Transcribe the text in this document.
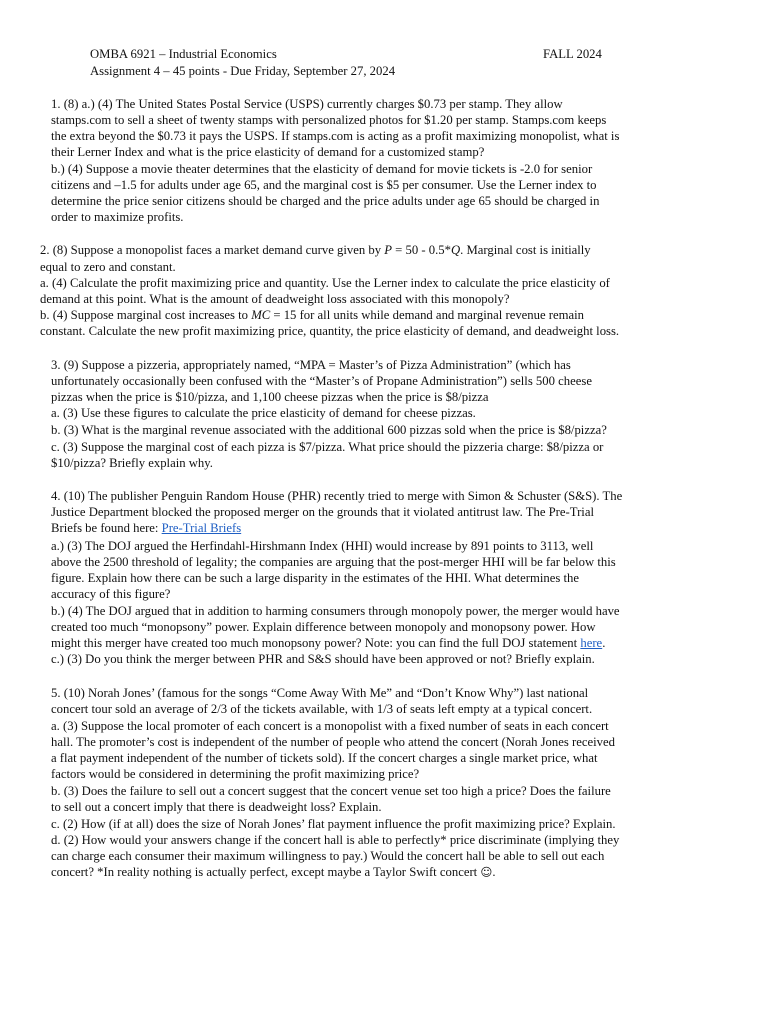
OMBA 6921 – Industrial Economics	FALL 2024
Assignment 4 – 45 points - Due Friday, September 27, 2024
1. (8) a.) (4) The United States Postal Service (USPS) currently charges $0.73 per stamp. They allow
stamps.com to sell a sheet of twenty stamps with personalized photos for $1.20 per stamp. Stamps.com keeps
the extra beyond the $0.73 it pays the USPS. If stamps.com is acting as a profit maximizing monopolist, what is
their Lerner Index and what is the price elasticity of demand for a customized stamp?
b.) (4) Suppose a movie theater determines that the elasticity of demand for movie tickets is -2.0 for senior
citizens and –1.5 for adults under age 65, and the marginal cost is $5 per consumer. Use the Lerner index to
determine the price senior citizens should be charged and the price adults under age 65 should be charged in
order to maximize profits.
2. (8) Suppose a monopolist faces a market demand curve given by P = 50 - 0.5*Q. Marginal cost is initially
equal to zero and constant.
a. (4) Calculate the profit maximizing price and quantity. Use the Lerner index to calculate the price elasticity of
demand at this point. What is the amount of deadweight loss associated with this monopoly?
b. (4) Suppose marginal cost increases to MC = 15 for all units while demand and marginal revenue remain
constant. Calculate the new profit maximizing price, quantity, the price elasticity of demand, and deadweight loss.
3. (9) Suppose a pizzeria, appropriately named, “MPA = Master’s of Pizza Administration” (which has
unfortunately occasionally been confused with the “Master’s of Propane Administration”) sells 500 cheese
pizzas when the price is $10/pizza, and 1,100 cheese pizzas when the price is $8/pizza
a. (3) Use these figures to calculate the price elasticity of demand for cheese pizzas.
b. (3) What is the marginal revenue associated with the additional 600 pizzas sold when the price is $8/pizza?
c. (3) Suppose the marginal cost of each pizza is $7/pizza. What price should the pizzeria charge: $8/pizza or
$10/pizza? Briefly explain why.
4. (10) The publisher Penguin Random House (PHR) recently tried to merge with Simon & Schuster (S&S). The
Justice Department blocked the proposed merger on the grounds that it violated antitrust law. The Pre-Trial
Briefs be found here: Pre-Trial Briefs
a.) (3) The DOJ argued the Herfindahl-Hirshmann Index (HHI) would increase by 891 points to 3113, well
above the 2500 threshold of legality; the companies are arguing that the post-merger HHI will be far below this
figure. Explain how there can be such a large disparity in the estimates of the HHI. What determines the
accuracy of this figure?
b.) (4) The DOJ argued that in addition to harming consumers through monopoly power, the merger would have
created too much “monopsony” power. Explain difference between monopoly and monopsony power. How
might this merger have created too much monopsony power? Note: you can find the full DOJ statement here.
c.) (3) Do you think the merger between PHR and S&S should have been approved or not? Briefly explain.
5. (10) Norah Jones’ (famous for the songs “Come Away With Me” and “Don’t Know Why”) last national
concert tour sold an average of 2/3 of the tickets available, with 1/3 of seats left empty at a typical concert.
a. (3) Suppose the local promoter of each concert is a monopolist with a fixed number of seats in each concert
hall. The promoter’s cost is independent of the number of people who attend the concert (Norah Jones received
a flat payment independent of the number of tickets sold). If the concert charges a single market price, what
factors would be considered in determining the profit maximizing price?
b. (3) Does the failure to sell out a concert suggest that the concert venue set too high a price? Does the failure
to sell out a concert imply that there is deadweight loss? Explain.
c. (2) How (if at all) does the size of Norah Jones’ flat payment influence the profit maximizing price? Explain.
d. (2) How would your answers change if the concert hall is able to perfectly* price discriminate (implying they
can charge each consumer their maximum willingness to pay.) Would the concert hall be able to sell out each
concert? *In reality nothing is actually perfect, except maybe a Taylor Swift concert ☺.
